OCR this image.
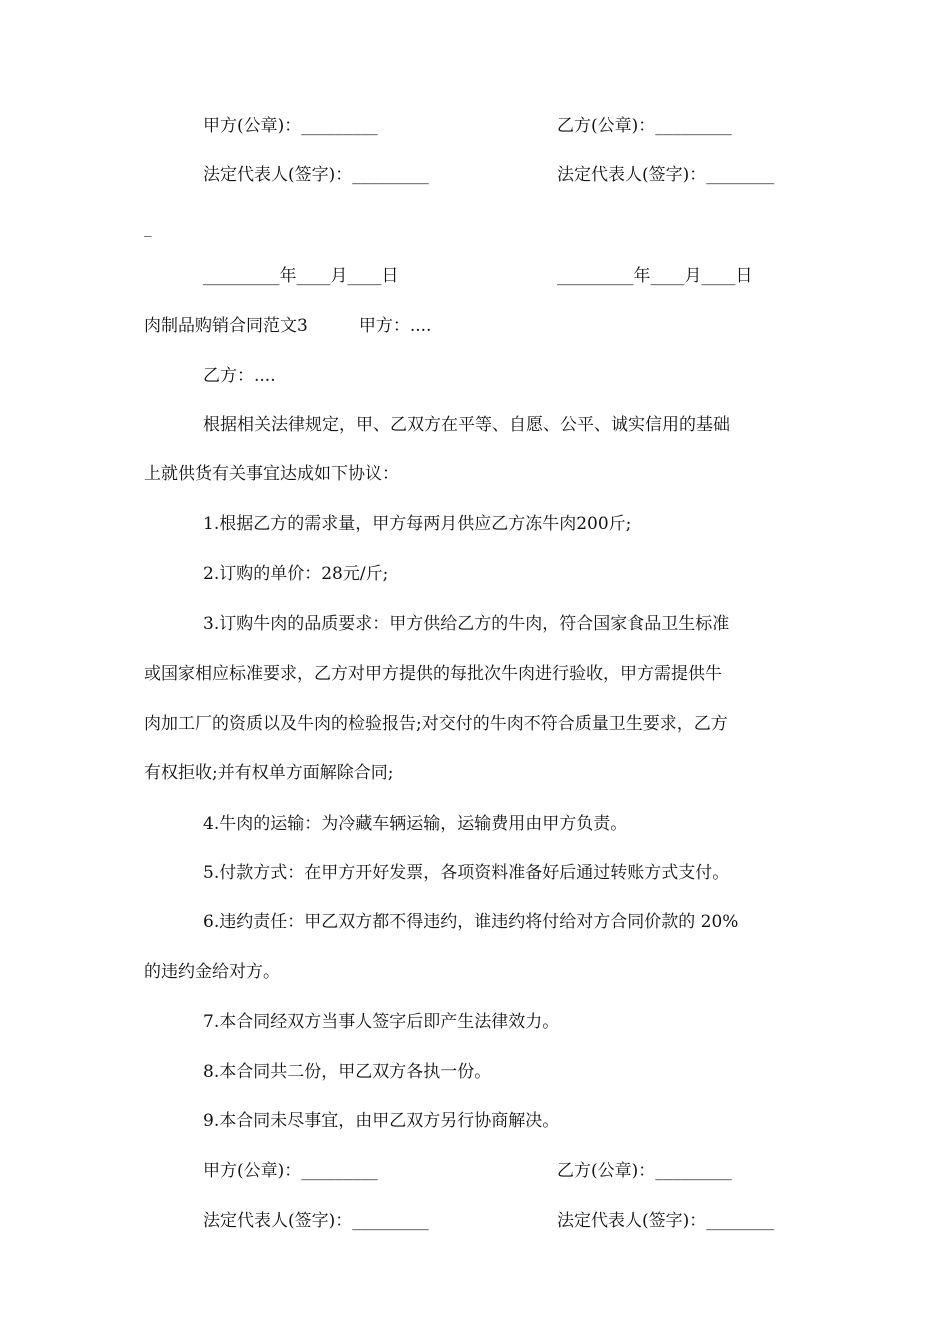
甲方(公章)：_________	乙方(公章)：_________
法定代表人(签字)：_________	法定代表人(签字)：________
_
_________年____月____日	_________年____月____日
肉制品购销合同范文3　　　甲方：....
乙方：....
根据相关法律规定，甲、乙双方在平等、自愿、公平、诚实信用的基础
上就供货有关事宜达成如下协议：
1.根据乙方的需求量，甲方每两月供应乙方冻牛肉200斤;
2.订购的单价：28元/斤;
3.订购牛肉的品质要求：甲方供给乙方的牛肉，符合国家食品卫生标准
或国家相应标准要求，乙方对甲方提供的每批次牛肉进行验收，甲方需提供牛
肉加工厂的资质以及牛肉的检验报告;对交付的牛肉不符合质量卫生要求，乙方
有权拒收;并有权单方面解除合同;
4.牛肉的运输：为冷藏车辆运输，运输费用由甲方负责。
5.付款方式：在甲方开好发票，各项资料准备好后通过转账方式支付。
6.违约责任：甲乙双方都不得违约，谁违约将付给对方合同价款的 20%
的违约金给对方。
7.本合同经双方当事人签字后即产生法律效力。
8.本合同共二份，甲乙双方各执一份。
9.本合同未尽事宜，由甲乙双方另行协商解决。
甲方(公章)：_________	乙方(公章)：_________
法定代表人(签字)：_________	法定代表人(签字)：________
